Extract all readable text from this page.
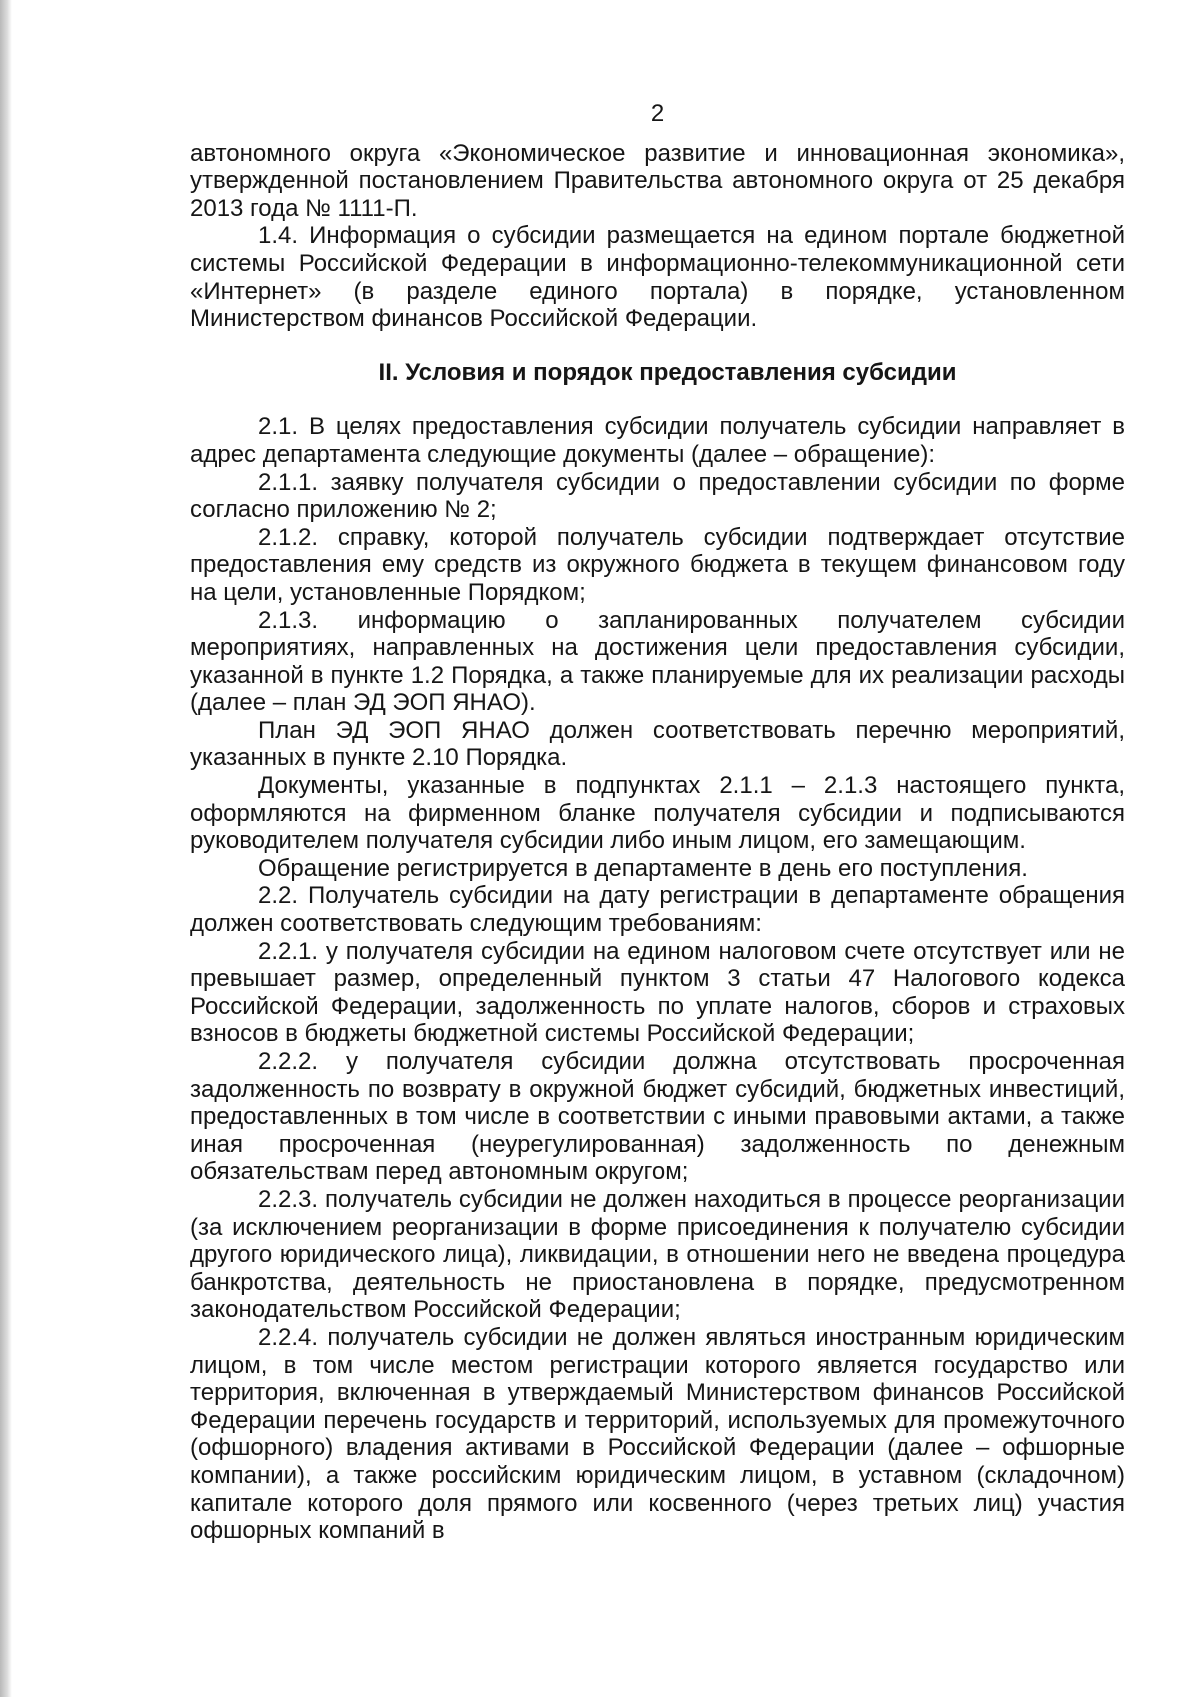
2

автономного округа «Экономическое развитие и инновационная экономика», утвержденной постановлением Правительства автономного округа от 25 декабря 2013 года № 1111-П.

1.4. Информация о субсидии размещается на едином портале бюджетной системы Российской Федерации в информационно-телекоммуникационной сети «Интернет» (в разделе единого портала) в порядке, установленном Министерством финансов Российской Федерации.

II. Условия и порядок предоставления субсидии

2.1. В целях предоставления субсидии получатель субсидии направляет в адрес департамента следующие документы (далее – обращение):

2.1.1. заявку получателя субсидии о предоставлении субсидии по форме согласно приложению № 2;

2.1.2. справку, которой получатель субсидии подтверждает отсутствие предоставления ему средств из окружного бюджета в текущем финансовом году на цели, установленные Порядком;

2.1.3. информацию о запланированных получателем субсидии мероприятиях, направленных на достижения цели предоставления субсидии, указанной в пункте 1.2 Порядка, а также планируемые для их реализации расходы (далее – план ЭД ЭОП ЯНАО).

План ЭД ЭОП ЯНАО должен соответствовать перечню мероприятий, указанных в пункте 2.10 Порядка.

Документы, указанные в подпунктах 2.1.1 – 2.1.3 настоящего пункта, оформляются на фирменном бланке получателя субсидии и подписываются руководителем получателя субсидии либо иным лицом, его замещающим.

Обращение регистрируется в департаменте в день его поступления.

2.2. Получатель субсидии на дату регистрации в департаменте обращения должен соответствовать следующим требованиям:

2.2.1. у получателя субсидии на едином налоговом счете отсутствует или не превышает размер, определенный пунктом 3 статьи 47 Налогового кодекса Российской Федерации, задолженность по уплате налогов, сборов и страховых взносов в бюджеты бюджетной системы Российской Федерации;

2.2.2. у получателя субсидии должна отсутствовать просроченная задолженность по возврату в окружной бюджет субсидий, бюджетных инвестиций, предоставленных в том числе в соответствии с иными правовыми актами, а также иная просроченная (неурегулированная) задолженность по денежным обязательствам перед автономным округом;

2.2.3. получатель субсидии не должен находиться в процессе реорганизации (за исключением реорганизации в форме присоединения к получателю субсидии другого юридического лица), ликвидации, в отношении него не введена процедура банкротства, деятельность не приостановлена в порядке, предусмотренном законодательством Российской Федерации;

2.2.4. получатель субсидии не должен являться иностранным юридическим лицом, в том числе местом регистрации которого является государство или территория, включенная в утверждаемый Министерством финансов Российской Федерации перечень государств и территорий, используемых для промежуточного (офшорного) владения активами в Российской Федерации (далее – офшорные компании), а также российским юридическим лицом, в уставном (складочном) капитале которого доля прямого или косвенного (через третьих лиц) участия офшорных компаний в
